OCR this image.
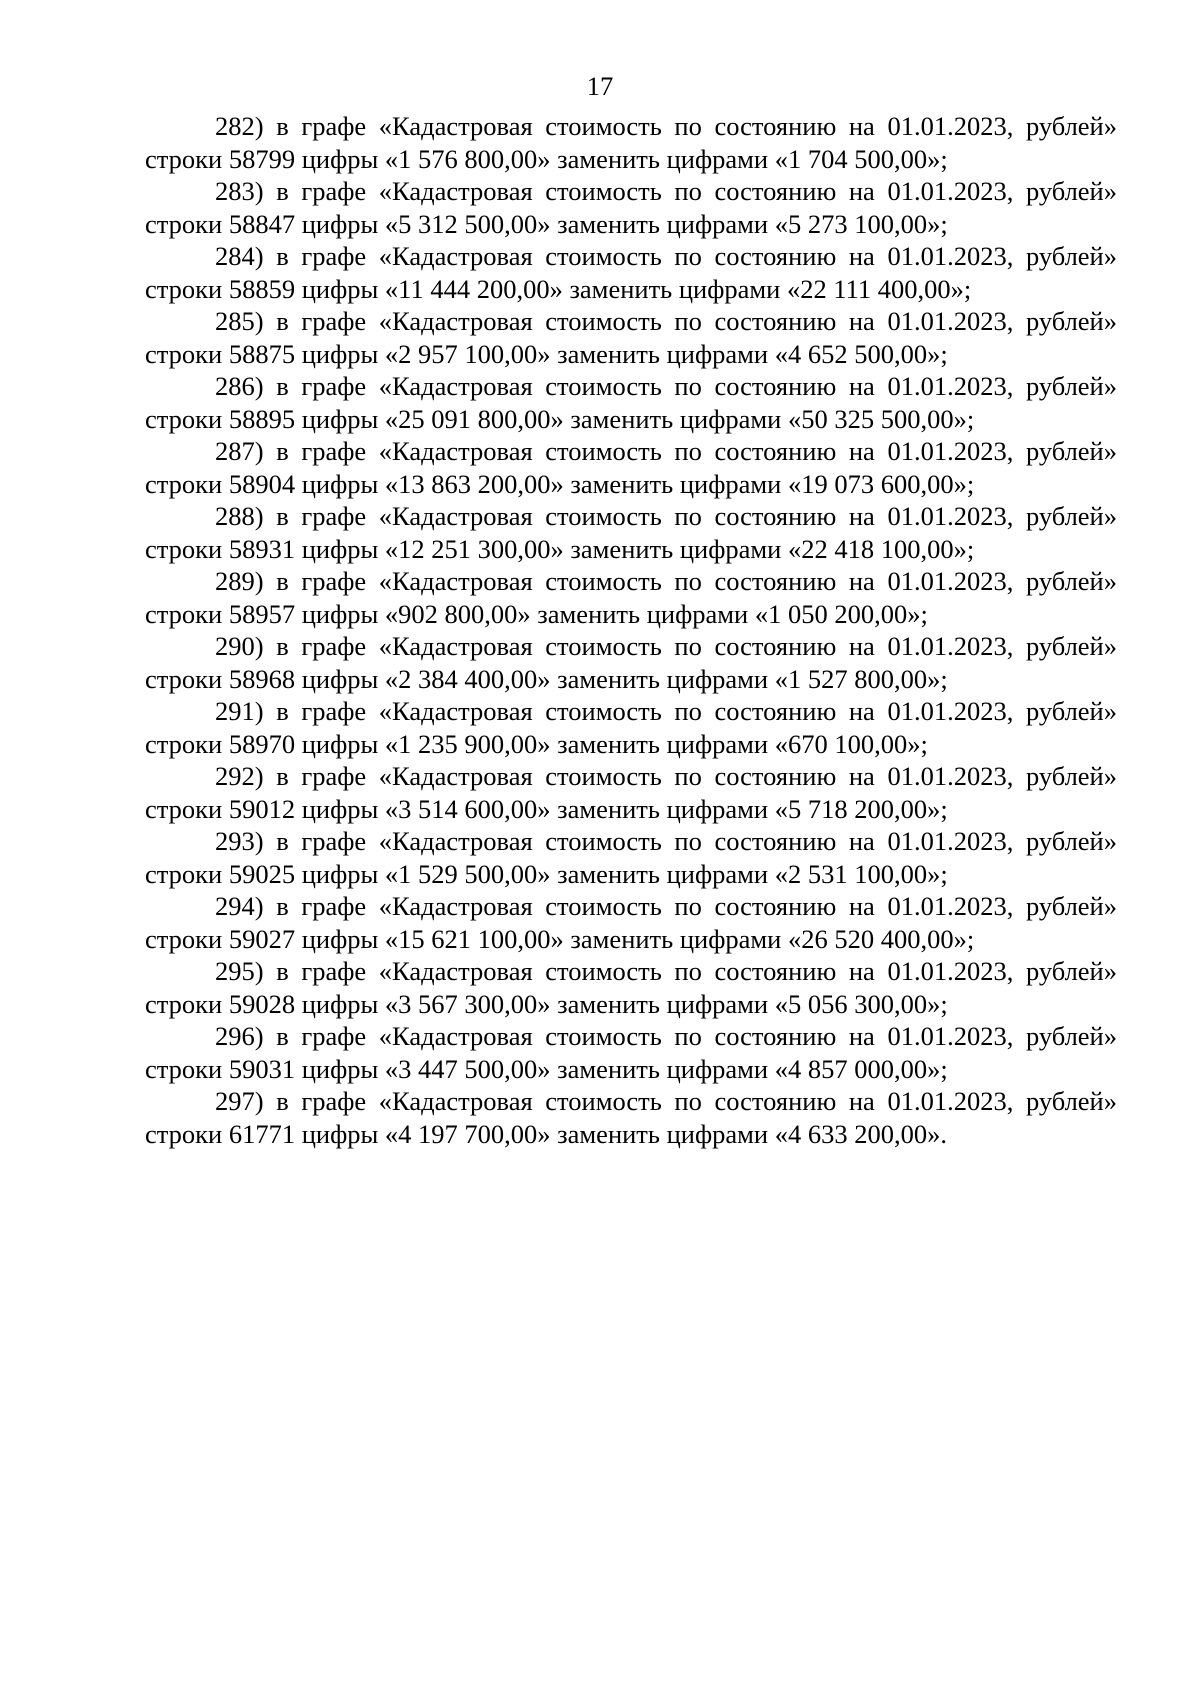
17

282) в графе «Кадастровая стоимость по состоянию на 01.01.2023, рублей» строки 58799 цифры «1 576 800,00» заменить цифрами «1 704 500,00»;

283) в графе «Кадастровая стоимость по состоянию на 01.01.2023, рублей» строки 58847 цифры «5 312 500,00» заменить цифрами «5 273 100,00»;

284) в графе «Кадастровая стоимость по состоянию на 01.01.2023, рублей» строки 58859 цифры «11 444 200,00» заменить цифрами «22 111 400,00»;

285) в графе «Кадастровая стоимость по состоянию на 01.01.2023, рублей» строки 58875 цифры «2 957 100,00» заменить цифрами «4 652 500,00»;

286) в графе «Кадастровая стоимость по состоянию на 01.01.2023, рублей» строки 58895 цифры «25 091 800,00» заменить цифрами «50 325 500,00»;

287) в графе «Кадастровая стоимость по состоянию на 01.01.2023, рублей» строки 58904 цифры «13 863 200,00» заменить цифрами «19 073 600,00»;

288) в графе «Кадастровая стоимость по состоянию на 01.01.2023, рублей» строки 58931 цифры «12 251 300,00» заменить цифрами «22 418 100,00»;

289) в графе «Кадастровая стоимость по состоянию на 01.01.2023, рублей» строки 58957 цифры «902 800,00» заменить цифрами «1 050 200,00»;

290) в графе «Кадастровая стоимость по состоянию на 01.01.2023, рублей» строки 58968 цифры «2 384 400,00» заменить цифрами «1 527 800,00»;

291) в графе «Кадастровая стоимость по состоянию на 01.01.2023, рублей» строки 58970 цифры «1 235 900,00» заменить цифрами «670 100,00»;

292) в графе «Кадастровая стоимость по состоянию на 01.01.2023, рублей» строки 59012 цифры «3 514 600,00» заменить цифрами «5 718 200,00»;

293) в графе «Кадастровая стоимость по состоянию на 01.01.2023, рублей» строки 59025 цифры «1 529 500,00» заменить цифрами «2 531 100,00»;

294) в графе «Кадастровая стоимость по состоянию на 01.01.2023, рублей» строки 59027 цифры «15 621 100,00» заменить цифрами «26 520 400,00»;

295) в графе «Кадастровая стоимость по состоянию на 01.01.2023, рублей» строки 59028 цифры «3 567 300,00» заменить цифрами «5 056 300,00»;

296) в графе «Кадастровая стоимость по состоянию на 01.01.2023, рублей» строки 59031 цифры «3 447 500,00» заменить цифрами «4 857 000,00»;

297) в графе «Кадастровая стоимость по состоянию на 01.01.2023, рублей» строки 61771 цифры «4 197 700,00» заменить цифрами «4 633 200,00».
